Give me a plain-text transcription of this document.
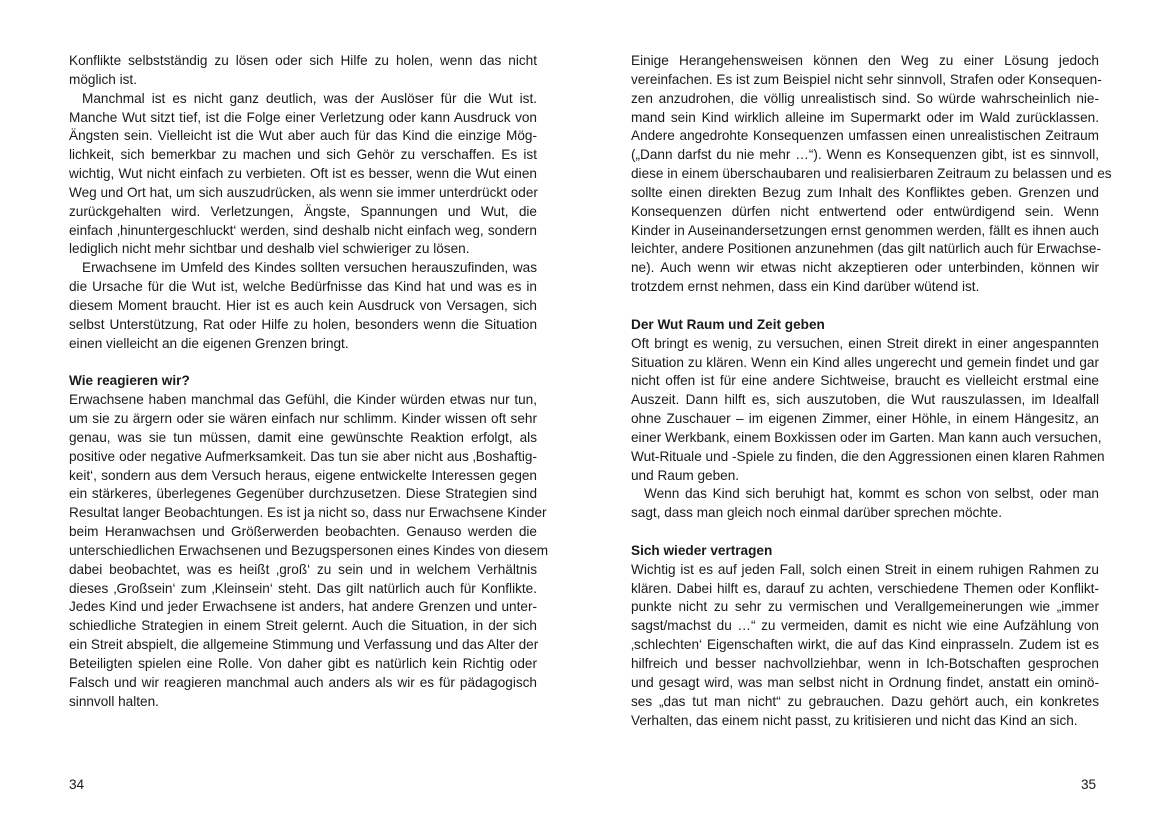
Konflikte selbstständig zu lösen oder sich Hilfe zu holen, wenn das nicht
möglich ist.
Manchmal ist es nicht ganz deutlich, was der Auslöser für die Wut ist.
Manche Wut sitzt tief, ist die Folge einer Verletzung oder kann Ausdruck von
Ängsten sein. Vielleicht ist die Wut aber auch für das Kind die einzige Mög-
lichkeit, sich bemerkbar zu machen und sich Gehör zu verschaffen. Es ist
wichtig, Wut nicht einfach zu verbieten. Oft ist es besser, wenn die Wut einen
Weg und Ort hat, um sich auszudrücken, als wenn sie immer unterdrückt oder
zurückgehalten wird. Verletzungen, Ängste, Spannungen und Wut, die
einfach ‚hinuntergeschluckt‘ werden, sind deshalb nicht einfach weg, sondern
lediglich nicht mehr sichtbar und deshalb viel schwieriger zu lösen.
Erwachsene im Umfeld des Kindes sollten versuchen herauszufinden, was
die Ursache für die Wut ist, welche Bedürfnisse das Kind hat und was es in
diesem Moment braucht. Hier ist es auch kein Ausdruck von Versagen, sich
selbst Unterstützung, Rat oder Hilfe zu holen, besonders wenn die Situation
einen vielleicht an die eigenen Grenzen bringt.
Wie reagieren wir?
Erwachsene haben manchmal das Gefühl, die Kinder würden etwas nur tun,
um sie zu ärgern oder sie wären einfach nur schlimm. Kinder wissen oft sehr
genau, was sie tun müssen, damit eine gewünschte Reaktion erfolgt, als
positive oder negative Aufmerksamkeit. Das tun sie aber nicht aus ‚Boshaftig-
keit‘, sondern aus dem Versuch heraus, eigene entwickelte Interessen gegen
ein stärkeres, überlegenes Gegenüber durchzusetzen. Diese Strategien sind
Resultat langer Beobachtungen. Es ist ja nicht so, dass nur Erwachsene Kinder
beim Heranwachsen und Größerwerden beobachten. Genauso werden die
unterschiedlichen Erwachsenen und Bezugspersonen eines Kindes von diesem
dabei beobachtet, was es heißt ‚groß‘ zu sein und in welchem Verhältnis
dieses ‚Großsein‘ zum ‚Kleinsein‘ steht. Das gilt natürlich auch für Konflikte.
Jedes Kind und jeder Erwachsene ist anders, hat andere Grenzen und unter-
schiedliche Strategien in einem Streit gelernt. Auch die Situation, in der sich
ein Streit abspielt, die allgemeine Stimmung und Verfassung und das Alter der
Beteiligten spielen eine Rolle. Von daher gibt es natürlich kein Richtig oder
Falsch und wir reagieren manchmal auch anders als wir es für pädagogisch
sinnvoll halten.
34
Einige Herangehensweisen können den Weg zu einer Lösung jedoch
vereinfachen. Es ist zum Beispiel nicht sehr sinnvoll, Strafen oder Konsequen-
zen anzudrohen, die völlig unrealistisch sind. So würde wahrscheinlich nie-
mand sein Kind wirklich alleine im Supermarkt oder im Wald zurücklassen.
Andere angedrohte Konsequenzen umfassen einen unrealistischen Zeitraum
(„Dann darfst du nie mehr …“). Wenn es Konsequenzen gibt, ist es sinnvoll,
diese in einem überschaubaren und realisierbaren Zeitraum zu belassen und es
sollte einen direkten Bezug zum Inhalt des Konfliktes geben. Grenzen und
Konsequenzen dürfen nicht entwertend oder entwürdigend sein. Wenn
Kinder in Auseinandersetzungen ernst genommen werden, fällt es ihnen auch
leichter, andere Positionen anzunehmen (das gilt natürlich auch für Erwachse-
ne). Auch wenn wir etwas nicht akzeptieren oder unterbinden, können wir
trotzdem ernst nehmen, dass ein Kind darüber wütend ist.
Der Wut Raum und Zeit geben
Oft bringt es wenig, zu versuchen, einen Streit direkt in einer angespannten
Situation zu klären. Wenn ein Kind alles ungerecht und gemein findet und gar
nicht offen ist für eine andere Sichtweise, braucht es vielleicht erstmal eine
Auszeit. Dann hilft es, sich auszutoben, die Wut rauszulassen, im Idealfall
ohne Zuschauer – im eigenen Zimmer, einer Höhle, in einem Hängesitz, an
einer Werkbank, einem Boxkissen oder im Garten. Man kann auch versuchen,
Wut-Rituale und -Spiele zu finden, die den Aggressionen einen klaren Rahmen
und Raum geben.
Wenn das Kind sich beruhigt hat, kommt es schon von selbst, oder man
sagt, dass man gleich noch einmal darüber sprechen möchte.
Sich wieder vertragen
Wichtig ist es auf jeden Fall, solch einen Streit in einem ruhigen Rahmen zu
klären. Dabei hilft es, darauf zu achten, verschiedene Themen oder Konflikt-
punkte nicht zu sehr zu vermischen und Verallgemeinerungen wie „immer
sagst/machst du …“ zu vermeiden, damit es nicht wie eine Aufzählung von
‚schlechten‘ Eigenschaften wirkt, die auf das Kind einprasseln. Zudem ist es
hilfreich und besser nachvollziehbar, wenn in Ich-Botschaften gesprochen
und gesagt wird, was man selbst nicht in Ordnung findet, anstatt ein ominö-
ses „das tut man nicht“ zu gebrauchen. Dazu gehört auch, ein konkretes
Verhalten, das einem nicht passt, zu kritisieren und nicht das Kind an sich.
35
